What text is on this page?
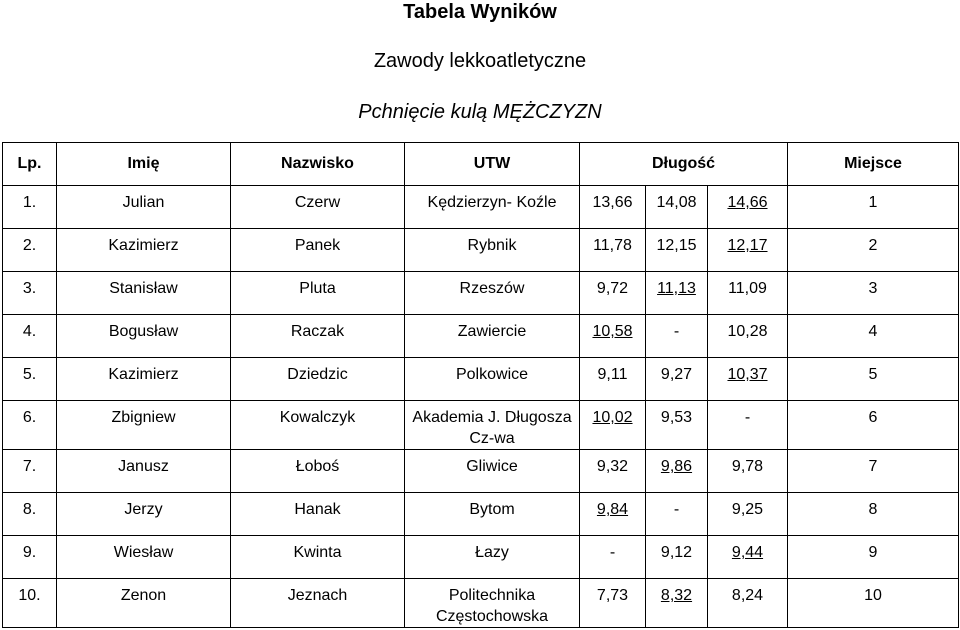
Tabela Wyników
Zawody lekkoatletyczne
Pchnięcie kulą MĘŻCZYZN
Lp.	Imię	Nazwisko	UTW	Długość			Miejsce
1.	Julian	Czerw	Kędzierzyn- Koźle	13,66	14,08	14,66	1
2.	Kazimierz	Panek	Rybnik	11,78	12,15	12,17	2
3.	Stanisław	Pluta	Rzeszów	9,72	11,13	11,09	3
4.	Bogusław	Raczak	Zawiercie	10,58	-	10,28	4
5.	Kazimierz	Dziedzic	Polkowice	9,11	9,27	10,37	5
6.	Zbigniew	Kowalczyk	Akademia J. Długosza Cz-wa	10,02	9,53	-	6
7.	Janusz	Łoboś	Gliwice	9,32	9,86	9,78	7
8.	Jerzy	Hanak	Bytom	9,84	-	9,25	8
9.	Wiesław	Kwinta	Łazy	-	9,12	9,44	9
10.	Zenon	Jeznach	Politechnika Częstochowska	7,73	8,32	8,24	10
